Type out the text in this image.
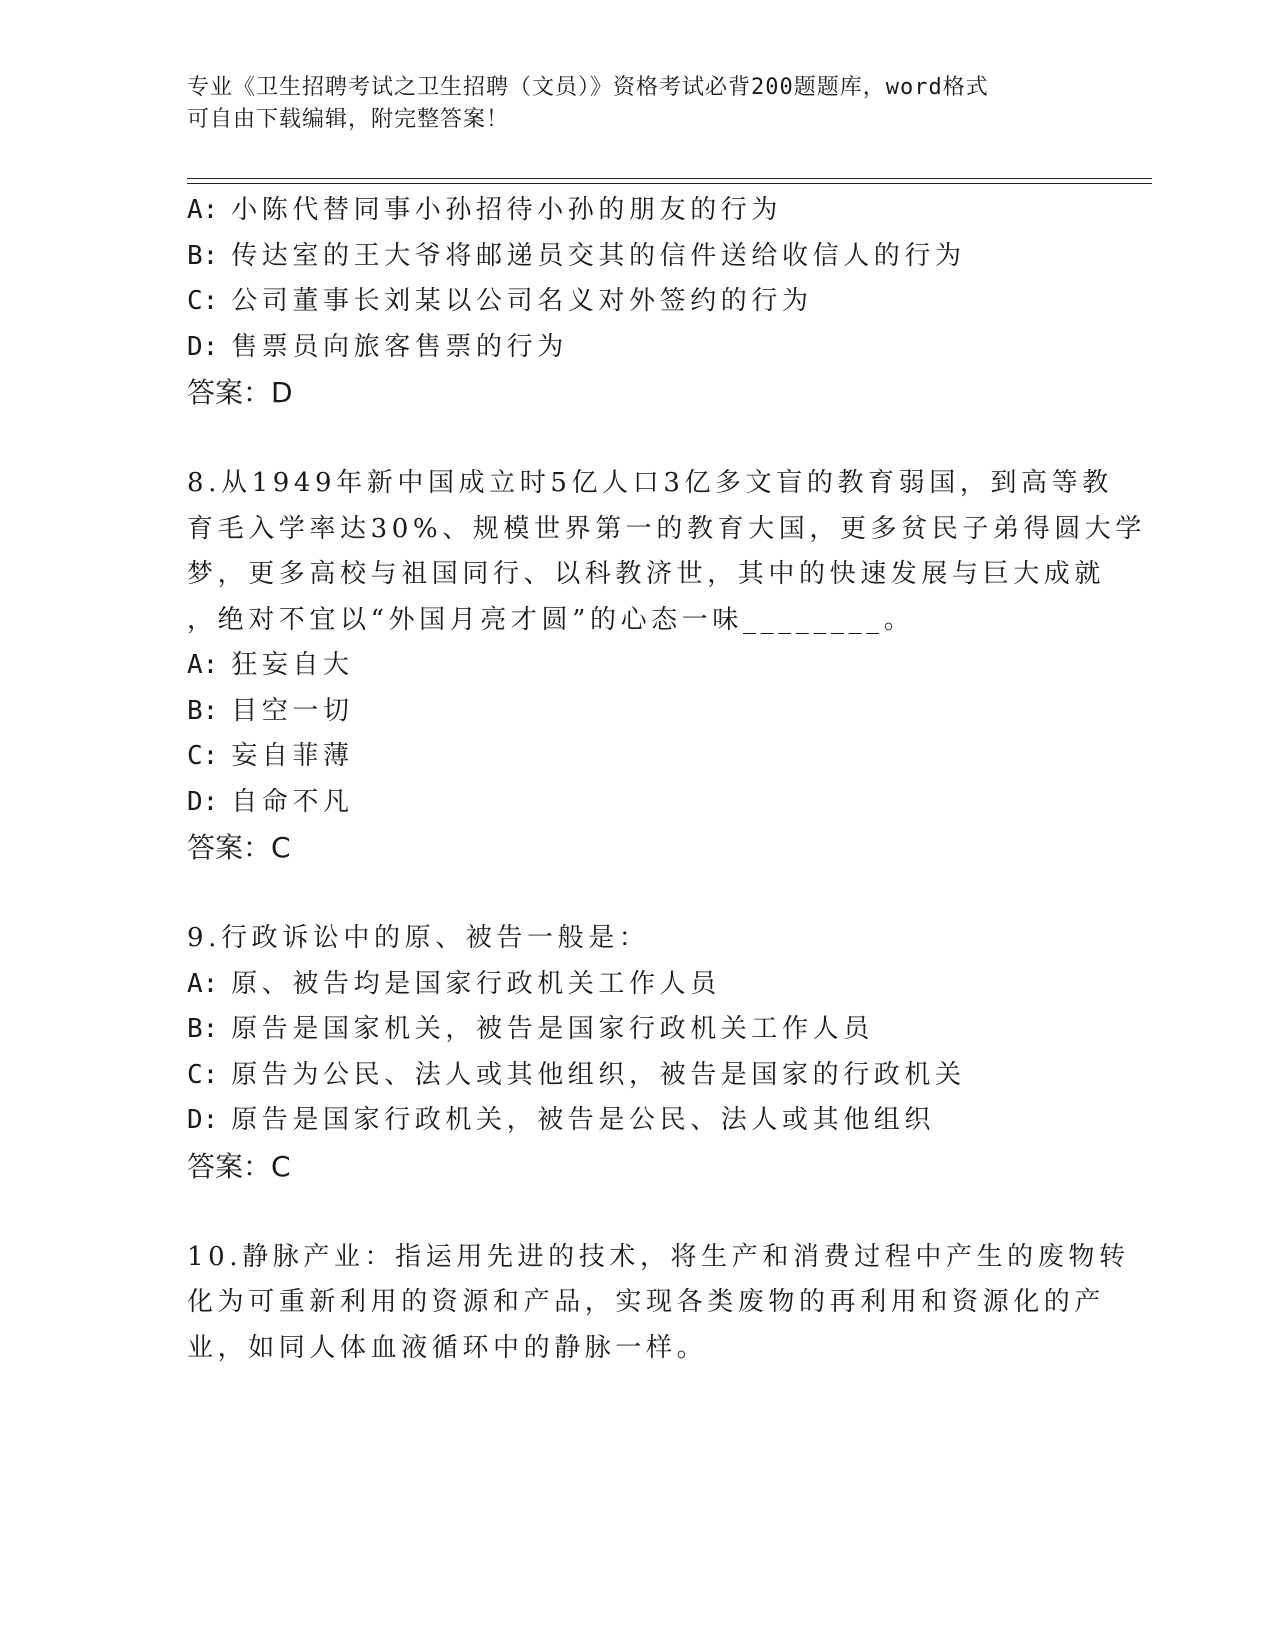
专业《卫生招聘考试之卫生招聘（文员）》资格考试必背200题题库，word格式
可自由下载编辑，附完整答案！
A: 小陈代替同事小孙招待小孙的朋友的行为
B: 传达室的王大爷将邮递员交其的信件送给收信人的行为
C: 公司董事长刘某以公司名义对外签约的行为
D: 售票员向旅客售票的行为
答案：D
8.从1949年新中国成立时5亿人口3亿多文盲的教育弱国，到高等教
育毛入学率达30%、规模世界第一的教育大国，更多贫民子弟得圆大学
梦，更多高校与祖国同行、以科教济世，其中的快速发展与巨大成就
，绝对不宜以“外国月亮才圆”的心态一味________。
A: 狂妄自大
B: 目空一切
C: 妄自菲薄
D: 自命不凡
答案：C
9.行政诉讼中的原、被告一般是：
A: 原、被告均是国家行政机关工作人员
B: 原告是国家机关，被告是国家行政机关工作人员
C: 原告为公民、法人或其他组织，被告是国家的行政机关
D: 原告是国家行政机关，被告是公民、法人或其他组织
答案：C
10.静脉产业：指运用先进的技术，将生产和消费过程中产生的废物转
化为可重新利用的资源和产品，实现各类废物的再利用和资源化的产
业，如同人体血液循环中的静脉一样。
